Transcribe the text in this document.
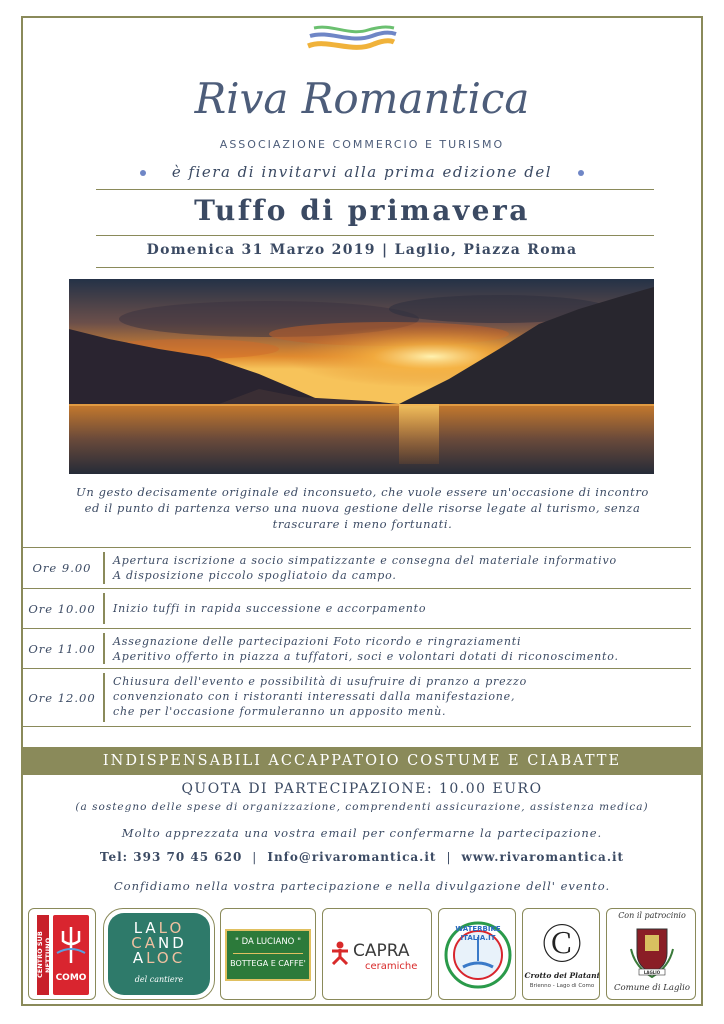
Riva Romantica
ASSOCIAZIONE COMMERCIO E TURISMO
è fiera di invitarvi alla prima edizione del
Tuffo di primavera
Domenica 31 Marzo 2019 | Laglio, Piazza Roma
Un gesto decisamente originale ed inconsueto, che vuole essere un'occasione di incontro ed il punto di partenza verso una nuova gestione delle risorse legate al turismo, senza trascurare i meno fortunati.
Ore 9.00
Apertura iscrizione a socio simpatizzante e consegna del materiale informativo
A disposizione piccolo spogliatoio da campo.
Ore 10.00	Inizio tuffi in rapida successione e accorpamento
Ore 11.00	Assegnazione delle partecipazioni Foto ricordo e ringraziamenti
Aperitivo offerto in piazza a tuffatori, soci e volontari dotati di riconoscimento.
Ore 12.00
Chiusura dell'evento e possibilità di usufruire di pranzo a prezzo
convenzionato con i ristoranti interessati dalla manifestazione,
che per l'occasione formuleranno un apposito menù.
INDISPENSABILI ACCAPPATOIO COSTUME E CIABATTE
QUOTA DI PARTECIPAZIONE: 10.00 EURO
(a sostegno delle spese di organizzazione, comprendenti assicurazione, assistenza medica)
Molto apprezzata una vostra email per confermarne la partecipazione.
Tel: 393 70 45 620 | Info@rivaromantica.it | www.rivaromantica.it
Confidiamo nella vostra partecipazione e nella divulgazione dell' evento.
CENTRO SUB NETTUNO
COMO
LALO
CAND
ALOC
del cantiere
" DA LUCIANO "
BOTTEGA E CAFFE'
CAPRA
ceramiche
WATERBIKE ITALIA.IT	Ⓒ
Crotto dei Platani
Brienno - Lago di Como
Con il patrocinio
LAGLIO
Comune di Laglio
